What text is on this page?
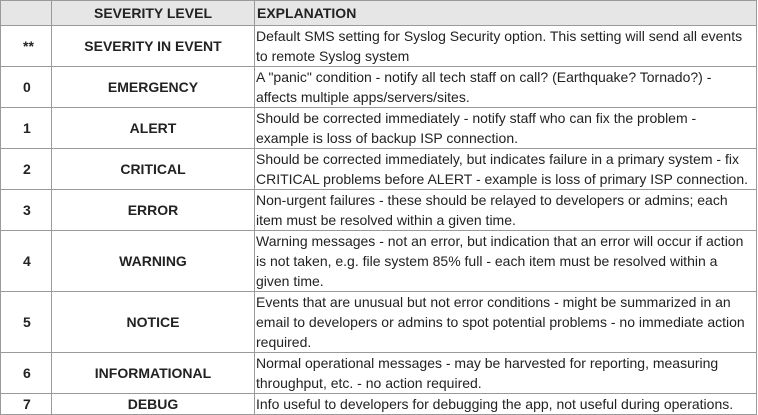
	SEVERITY LEVEL	EXPLANATION
**	SEVERITY IN EVENT	Default SMS setting for Syslog Security option. This setting will send all events to remote Syslog system
0	EMERGENCY	A "panic" condition - notify all tech staff on call? (Earthquake? Tornado?) - affects multiple apps/servers/sites.
1	ALERT	Should be corrected immediately - notify staff who can fix the problem - example is loss of backup ISP connection.
2	CRITICAL	Should be corrected immediately, but indicates failure in a primary system - fix CRITICAL problems before ALERT - example is loss of primary ISP connection.
3	ERROR	Non-urgent failures - these should be relayed to developers or admins; each item must be resolved within a given time.
4	WARNING	Warning messages - not an error, but indication that an error will occur if action is not taken, e.g. file system 85% full - each item must be resolved within a given time.
5	NOTICE	Events that are unusual but not error conditions - might be summarized in an email to developers or admins to spot potential problems - no immediate action required.
6	INFORMATIONAL	Normal operational messages - may be harvested for reporting, measuring throughput, etc. - no action required.
7	DEBUG	Info useful to developers for debugging the app, not useful during operations.
